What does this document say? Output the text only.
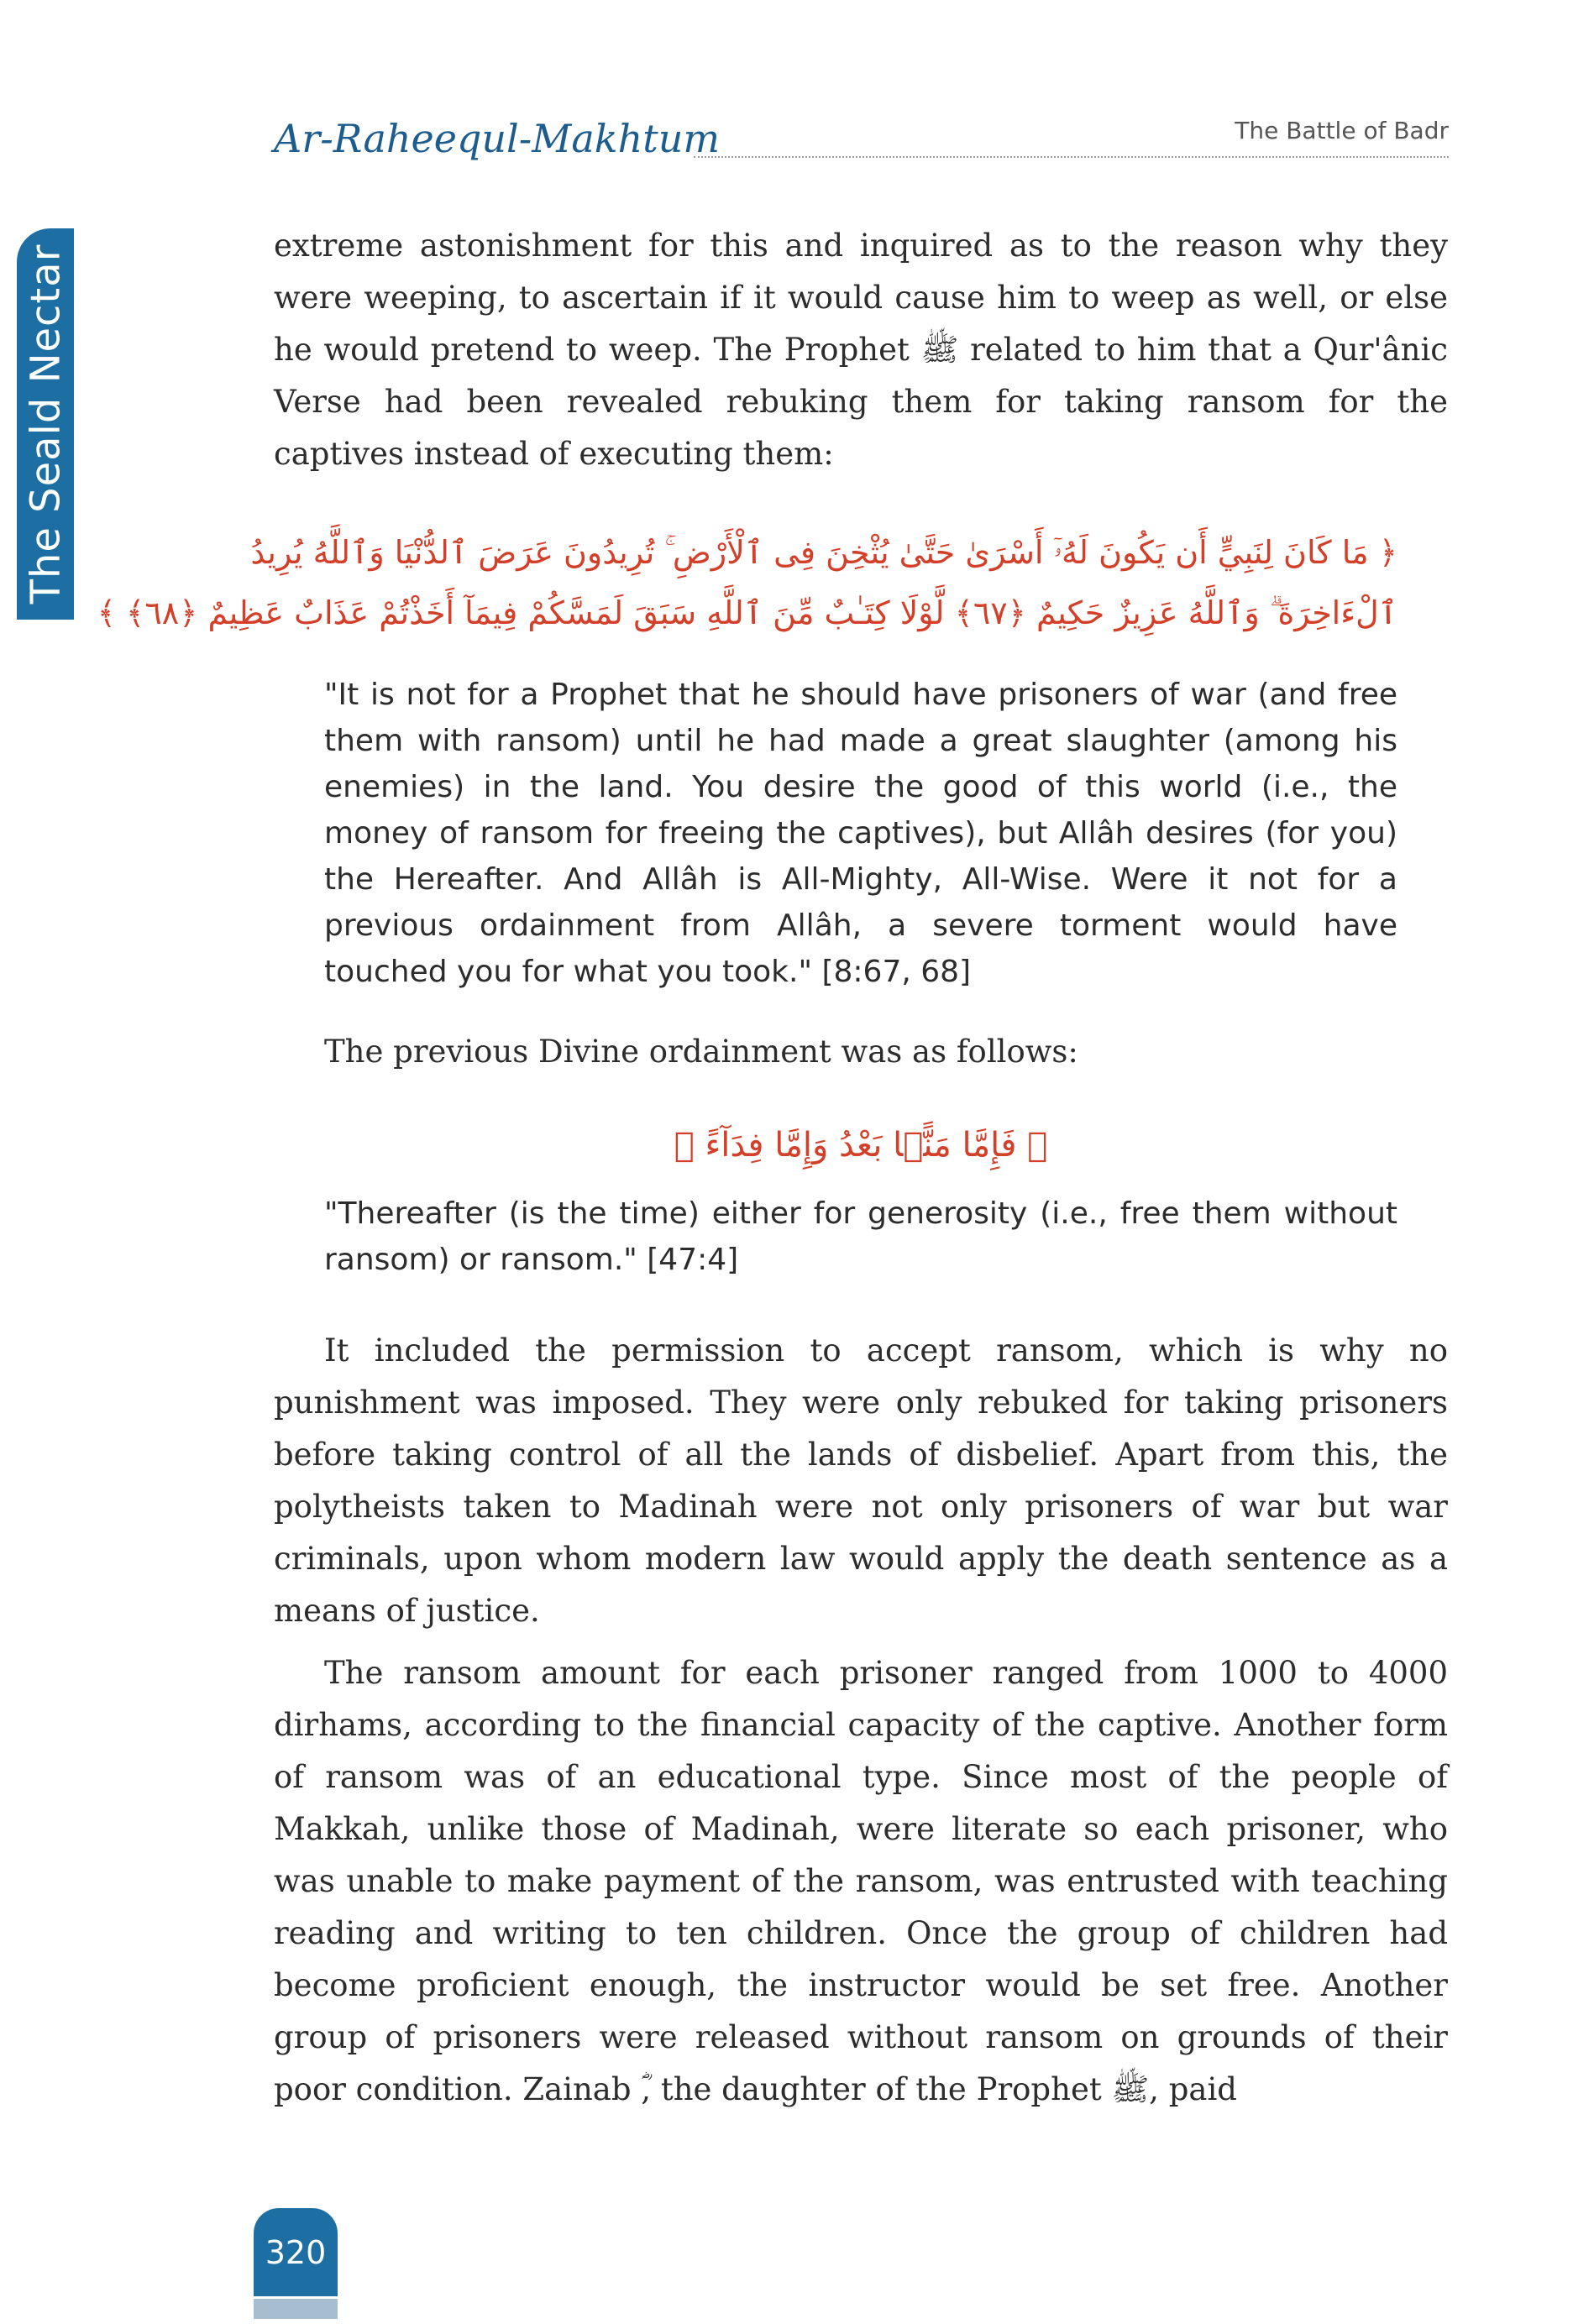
The Seald Nectar
Ar-Raheequl-Makhtum	The Battle of Badr

extreme astonishment for this and inquired as to the reason why they were weeping, to ascertain if it would cause him to weep as well, or else he would pretend to weep. The Prophet ﷺ related to him that a Qur'ânic Verse had been revealed rebuking them for taking ransom for the captives instead of executing them:

﴿ مَا كَانَ لِنَبِيٍّ أَن يَكُونَ لَهُۥٓ أَسْرَىٰ حَتَّىٰ يُثْخِنَ فِى ٱلْأَرْضِ ۚ تُرِيدُونَ عَرَضَ ٱلدُّنْيَا وَٱللَّهُ يُرِيدُ

ٱلْءَاخِرَةَ ۗ وَٱللَّهُ عَزِيزٌ حَكِيمٌ ﴿٦٧﴾ لَّوْلَا كِتَـٰبٌ مِّنَ ٱللَّهِ سَبَقَ لَمَسَّكُمْ فِيمَآ أَخَذْتُمْ عَذَابٌ عَظِيمٌ ﴿٦٨﴾ ﴾

"It is not for a Prophet that he should have prisoners of war (and free them with ransom) until he had made a great slaughter (among his enemies) in the land. You desire the good of this world (i.e., the money of ransom for freeing the captives), but Allâh desires (for you) the Hereafter. And Allâh is All-Mighty, All-Wise. Were it not for a previous ordainment from Allâh, a severe torment would have touched you for what you took." [8:67, 68]

The previous Divine ordainment was as follows:

﴿ فَإِمَّا مَنًّۢا بَعْدُ وَإِمَّا فِدَآءً ﴾

"Thereafter (is the time) either for generosity (i.e., free them without ransom) or ransom." [47:4]

It included the permission to accept ransom, which is why no punishment was imposed. They were only rebuked for taking prisoners before taking control of all the lands of disbelief. Apart from this, the polytheists taken to Madinah were not only prisoners of war but war criminals, upon whom modern law would apply the death sentence as a means of justice.

The ransom amount for each prisoner ranged from 1000 to 4000 dirhams, according to the financial capacity of the captive. Another form of ransom was of an educational type. Since most of the people of Makkah, unlike those of Madinah, were literate so each prisoner, who was unable to make payment of the ransom, was entrusted with teaching reading and writing to ten children. Once the group of children had become proficient enough, the instructor would be set free. Another group of prisoners were released without ransom on grounds of their poor condition. Zainab ؓ, the daughter of the Prophet ﷺ, paid

320
